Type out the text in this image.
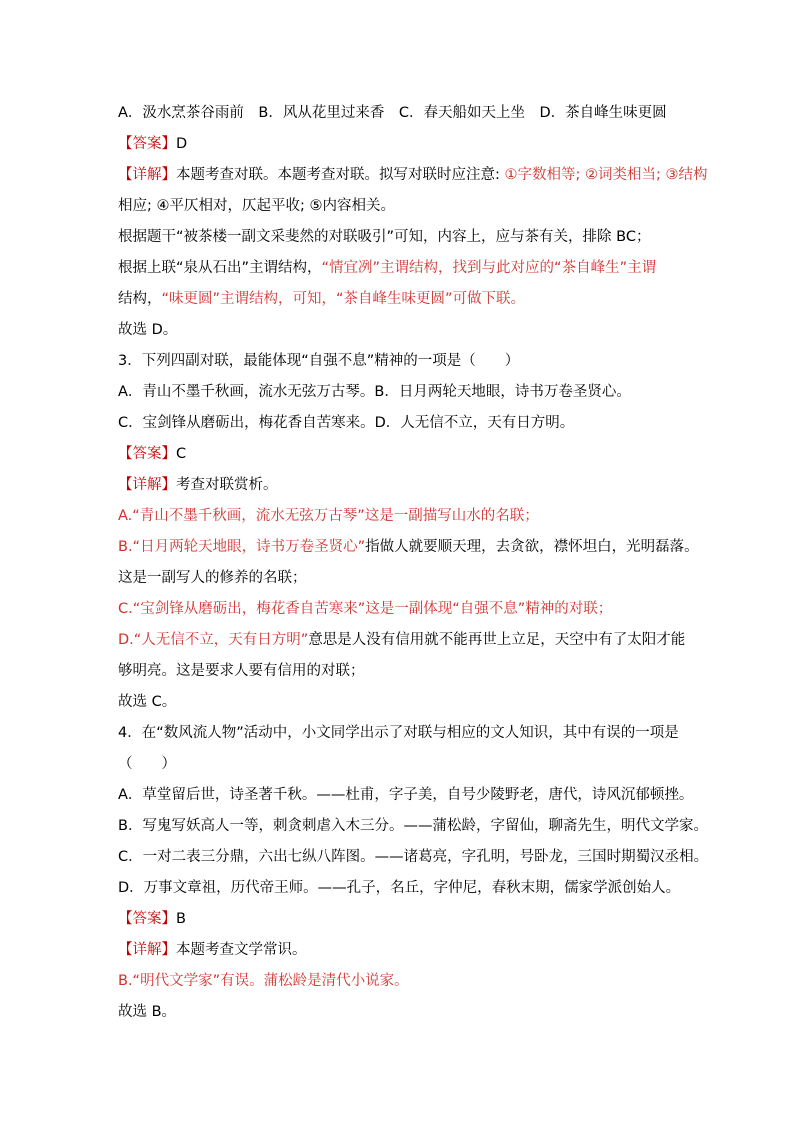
A．汲水烹茶谷雨前　B．风从花里过来香　C．春天船如天上坐　D．茶自峰生味更圆

【答案】D

【详解】本题考查对联。本题考查对联。拟写对联时应注意: ①字数相等; ②词类相当; ③结构

相应; ④平仄相对，仄起平收; ⑤内容相关。

根据题干“被茶楼一副文采斐然的对联吸引”可知，内容上，应与茶有关，排除 BC；

根据上联“泉从石出”主谓结构，“情宜冽”主谓结构，找到与此对应的“茶自峰生”主谓

结构，“味更圆”主谓结构，可知，“茶自峰生味更圆”可做下联。

故选 D。

3．下列四副对联，最能体现“自强不息”精神的一项是（　　）

A．青山不墨千秋画，流水无弦万古琴。B．日月两轮天地眼，诗书万卷圣贤心。

C．宝剑锋从磨砺出，梅花香自苦寒来。D．人无信不立，天有日方明。

【答案】C

【详解】考查对联赏析。

A.“青山不墨千秋画，流水无弦万古琴”这是一副描写山水的名联；

B.“日月两轮天地眼，诗书万卷圣贤心”指做人就要顺天理，去贪欲，襟怀坦白，光明磊落。

这是一副写人的修养的名联；

C.“宝剑锋从磨砺出，梅花香自苦寒来”这是一副体现“自强不息”精神的对联；

D.“人无信不立，天有日方明”意思是人没有信用就不能再世上立足，天空中有了太阳才能

够明亮。这是要求人要有信用的对联；

故选 C。

4．在“数风流人物”活动中，小文同学出示了对联与相应的文人知识，其中有误的一项是

（　　）

A．草堂留后世，诗圣著千秋。——杜甫，字子美，自号少陵野老，唐代，诗风沉郁顿挫。

B．写鬼写妖高人一等，刺贪刺虐入木三分。——蒲松龄，字留仙，聊斋先生，明代文学家。

C．一对二表三分鼎，六出七纵八阵图。——诸葛亮，字孔明，号卧龙，三国时期蜀汉丞相。

D．万事文章祖，历代帝王师。——孔子，名丘，字仲尼，春秋末期，儒家学派创始人。

【答案】B

【详解】本题考查文学常识。

B.“明代文学家”有误。蒲松龄是清代小说家。

故选 B。
